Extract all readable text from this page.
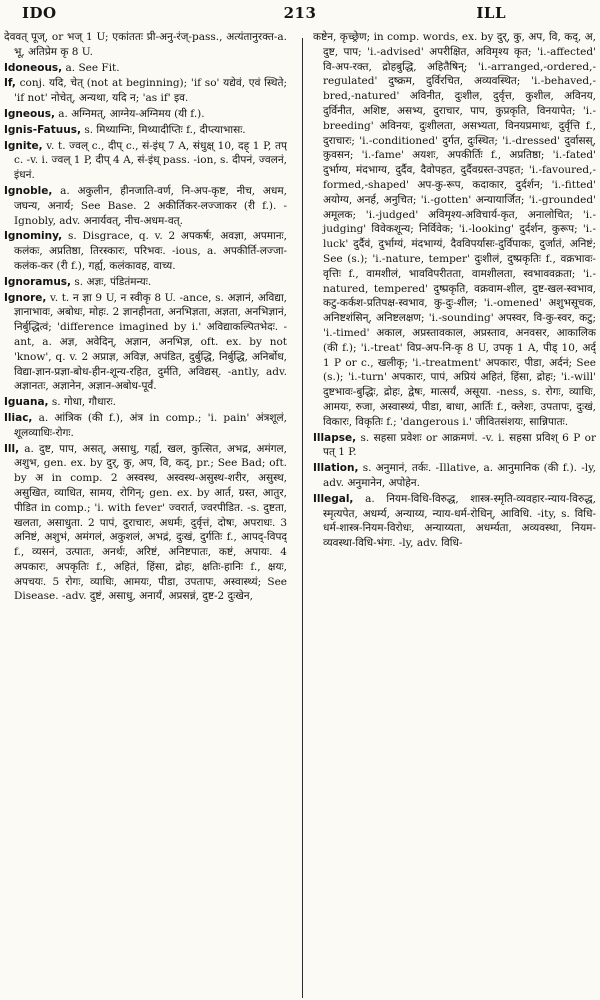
IDO	213	ILL

देववत् पूज्, or भज् 1 U; एकांततः प्री-अनु-रंज्-pass., अत्यंतानुरक्त-a. भू, अतिप्रेम कृ 8 U.

Idoneous, a. See Fit.

If, conj. यदि, चेत् (not at beginning); 'if so' यद्येवं, एवं स्थिते; 'if not' नोचेत्, अन्यथा, यदि न; 'as if' इव.

Igneous, a. अग्निमत्, आग्नेय-अग्निमय (यी f.).

Ignis-Fatuus, s. मिथ्याग्निः, मिथ्यादीप्तिः f., दीप्त्याभासः.

Ignite, v. t. ज्वल् c., दीप् c., सं-इंध् 7 A, संधुक्ष् 10, दह् 1 P, तप् c. -v. i. ज्वल् 1 P, दीप् 4 A, सं-इंध् pass. -ion, s. दीपनं, ज्वलनं, इंधनं.

Ignoble, a. अकुलीन, हीनजाति-वर्ण, नि-अप-कृष्ट, नीच, अधम, जघन्य, अनार्य; See Base. 2 अकीर्तिकर-लज्जाकर (री f.). -Ignobly, adv. अनार्यवत्, नीच-अधम-वत्.

Ignominy, s. Disgrace, q. v. 2 अपकर्षः, अवज्ञा, अपमानः, कलंकः, अप्रतिष्ठा, तिरस्कारः, परिभवः. -ious, a. अपकीर्ति-लज्जा-कलंक-कर (री f.), गर्ह्य, कलंकावह, वाच्य.

Ignoramus, s. अज्ञः, पंडितंमन्यः.

Ignore, v. t. न ज्ञा 9 U, न स्वीकृ 8 U. -ance, s. अज्ञानं, अविद्या, ज्ञानाभावः, अबोधः, मोहः. 2 ज्ञानहीनता, अनभिज्ञता, अज्ञता, अनभिज्ञानं, निर्बुद्धित्वं; 'difference imagined by i.' अविद्याकल्पितभेदः. -ant, a. अज्ञ, अवेदिन्, अज्ञान, अनभिज्ञ, oft. ex. by not 'know', q. v. 2 अप्राज्ञ, अविज्ञ, अपंडित, दुर्बुद्धि, निर्बुद्धि, अनिर्बोध, विद्या-ज्ञान-प्रज्ञा-बोध-हीन-शून्य-रहित, दुर्मति, अविद्यस्. -antly, adv. अज्ञानतः, अज्ञानेन, अज्ञान-अबोध-पूर्वं.

Iguana, s. गोधा, गौधारः.

Iliac, a. आंत्रिक (की f.), अंत्र in comp.; 'i. pain' अंत्रशूलं, शूलव्याधिः-रोगः.

Ill, a. दुष्ट, पाप, असत्, असाधु, गर्ह्य, खल, कुत्सित, अभद्र, अमंगल, अशुभ, gen. ex. by दुर्, कु, अप, वि, कद्, pr.; See Bad; oft. by अ in comp. 2 अस्वस्थ, अस्वस्थ-असुस्थ-शरीर, असुस्थ, असुखित, व्याधित, सामय, रोगिन्; gen. ex. by आर्त, ग्रस्त, आतुर, पीडित in comp.; 'i. with fever' ज्वरार्त, ज्वरपीडित. -s. दुष्टता, खलता, असाधुता. 2 पापं, दुराचारः, अधर्मः, दुर्वृत्तं, दोषः, अपराधः. 3 अनिष्टं, अशुभं, अमंगलं, अकुशलं, अभद्रं, दुःखं, दुर्गतिः f., आपद्-विपद् f., व्यसनं, उत्पातः, अनर्थः, अरिष्टं, अनिष्टपातः, कष्टं, अपायः. 4 अपकारः, अपकृतिः f., अहितं, हिंसा, द्रोहः, क्षतिः-हानिः f., क्षयः, अपचयः. 5 रोगः, व्याधिः, आमयः, पीडा, उपतापः, अस्वास्थ्यं; See Disease. -adv. दुष्टं, असाधु, अनार्यं, अप्रसन्नं, दुष्ट-2 दुःखेन,

कष्टेन, कृच्छ्रेण; in comp. words, ex. by दुर्, कु, अप, वि, कद्, अ, दुष्ट, पाप; 'i.-advised' अपरीक्षित, अविमृश्य कृत; 'i.-affected' वि-अप-रक्त, द्रोहबुद्धि, अहितैषिन्; 'i.-arranged,-ordered,-regulated' दुष्क्रम, दुर्विरचित, अव्यवस्थित; 'i.-behaved,-bred,-natured' अविनीत, दुःशील, दुर्वृत्त, कुशील, अविनय, दुर्विनीत, अशिष्ट, असभ्य, दुराचार, पाप, कुप्रकृति, विनयापेत; 'i.-breeding' अविनयः, दुःशीलता, असभ्यता, विनयप्रमाथः, दुर्वृत्ति f., दुराचारः; 'i.-conditioned' दुर्गत, दुःस्थित; 'i.-dressed' दुर्वासस्, कुवसन; 'i.-fame' अयशः, अपकीर्तिः f., अप्रतिष्ठा; 'i.-fated' दुर्भाग्य, मंदभाग्य, दुर्दैव, दैवोपहत, दुर्दैवग्रस्त-उपहत; 'i.-favoured,-formed,-shaped' अप-कु-रूप, कदाकार, दुर्दर्शन; 'i.-fitted' अयोग्य, अनर्ह, अनुचित; 'i.-gotten' अन्यायार्जित; 'i.-grounded' अमूलक; 'i.-judged' अविमृश्य-अविचार्य-कृत, अनालोचित; 'i.-judging' विवेकशून्य; निर्विवेक; 'i.-looking' दुर्दर्शन, कुरूप; 'i.-luck' दुर्दैवं, दुर्भाग्यं, मंदभाग्यं, दैवविपर्यासः-दुर्विपाकः, दुर्जातं, अनिष्टं; See (s.); 'i.-nature, temper' दुःशीलं, दुष्प्रकृतिः f., वक्रभावः-वृत्तिः f., वामशीलं, भावविपरीतता, वामशीलता, स्वभाववक्रता; 'i.-natured, tempered' दुष्प्रकृति, वक्रवाम-शील, दुष्ट-खल-स्वभाव, कटु-कर्कश-प्रतिपक्ष-स्वभाव, कु-दुः-शील; 'i.-omened' अशुभसूचक, अनिष्टशंसिन्, अनिष्टलक्षण; 'i.-sounding' अपस्वर, वि-कु-स्वर, कटु; 'i.-timed' अकाल, अप्रस्तावकाल, अप्रस्ताव, अनवसर, आकालिक (की f.); 'i.-treat' विप्र-अप-नि-कृ 8 U, उपकृ 1 A, पीड् 10, अर्द् 1 P or c., खलीकृ; 'i.-treatment' अपकारः, पीडा, अर्दनं; See (s.); 'i.-turn' अपकारः, पापं, अप्रियं अहितं, हिंसा, द्रोहः; 'i.-will' दुष्टभावः-बुद्धिः, द्रोहः, द्वेषः, मात्सर्यं, असूया. -ness, s. रोगः, व्याधिः, आमयः, रुजा, अस्वास्थ्यं, पीडा, बाधा, आर्तिः f., क्लेशः, उपतापः, दुःखं, विकारः, विकृतिः f.; 'dangerous i.' जीवितसंशयः, सान्निपातः.

Illapse, s. सहसा प्रवेशः or आक्रमणं. -v. i. सहसा प्रविश् 6 P or पत् 1 P.

Illation, s. अनुमानं, तर्कः. -Illative, a. आनुमानिक (की f.). -ly, adv. अनुमानेन, अपोहेन.

Illegal, a. नियम-विधि-विरुद्ध, शास्त्र-स्मृति-व्यवहार-न्याय-विरुद्ध, स्मृत्यपेत, अधर्म्य, अन्याय्य, न्याय-धर्म-रोधिन्, आविधि. -ity, s. विधि-धर्म-शास्त्र-नियम-विरोधः, अन्याय्यता, अधर्म्यता, अव्यवस्था, नियम-व्यवस्था-विधि-भंगः. -ly, adv. विधि-
